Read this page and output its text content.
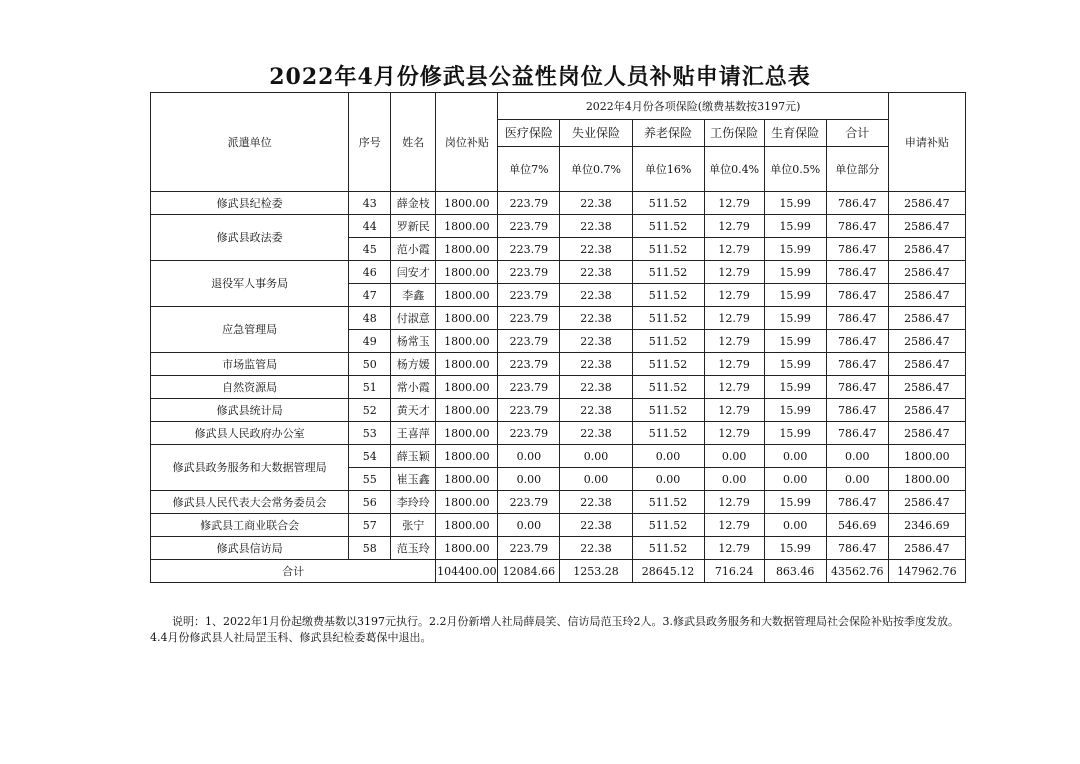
2022年4月份修武县公益性岗位人员补贴申请汇总表
派遣单位	序号	姓名	岗位补贴	2022年4月份各项保险(缴费基数按3197元)						申请补贴
				医疗保险	失业保险	养老保险	工伤保险	生育保险	合计	
				单位7%	单位0.7%	单位16%	单位0.4%	单位0.5%	单位部分	
修武县纪检委	43	薛金枝	1800.00	223.79	22.38	511.52	12.79	15.99	786.47	2586.47
修武县政法委	44	罗新民	1800.00	223.79	22.38	511.52	12.79	15.99	786.47	2586.47
	45	范小霞	1800.00	223.79	22.38	511.52	12.79	15.99	786.47	2586.47
退役军人事务局	46	闫安才	1800.00	223.79	22.38	511.52	12.79	15.99	786.47	2586.47
	47	李鑫	1800.00	223.79	22.38	511.52	12.79	15.99	786.47	2586.47
应急管理局	48	付淑意	1800.00	223.79	22.38	511.52	12.79	15.99	786.47	2586.47
	49	杨常玉	1800.00	223.79	22.38	511.52	12.79	15.99	786.47	2586.47
市场监管局	50	杨方媛	1800.00	223.79	22.38	511.52	12.79	15.99	786.47	2586.47
自然资源局	51	常小霞	1800.00	223.79	22.38	511.52	12.79	15.99	786.47	2586.47
修武县统计局	52	黄天才	1800.00	223.79	22.38	511.52	12.79	15.99	786.47	2586.47
修武县人民政府办公室	53	王喜萍	1800.00	223.79	22.38	511.52	12.79	15.99	786.47	2586.47
修武县政务服务和大数据管理局	54	薛玉颖	1800.00	0.00	0.00	0.00	0.00	0.00	0.00	1800.00
	55	崔玉鑫	1800.00	0.00	0.00	0.00	0.00	0.00	0.00	1800.00
修武县人民代表大会常务委员会	56	李玲玲	1800.00	223.79	22.38	511.52	12.79	15.99	786.47	2586.47
修武县工商业联合会	57	张宁	1800.00	0.00	22.38	511.52	12.79	0.00	546.69	2346.69
修武县信访局	58	范玉玲	1800.00	223.79	22.38	511.52	12.79	15.99	786.47	2586.47
合计			104400.00	12084.66	1253.28	28645.12	716.24	863.46	43562.76	147962.76
说明：1、2022年1月份起缴费基数以3197元执行。2.2月份新增人社局薛晨笑、信访局范玉玲2人。3.修武县政务服务和大数据管理局社会保险补贴按季度发放。4.4月份修武县人社局罡玉科、修武县纪检委葛保中退出。
